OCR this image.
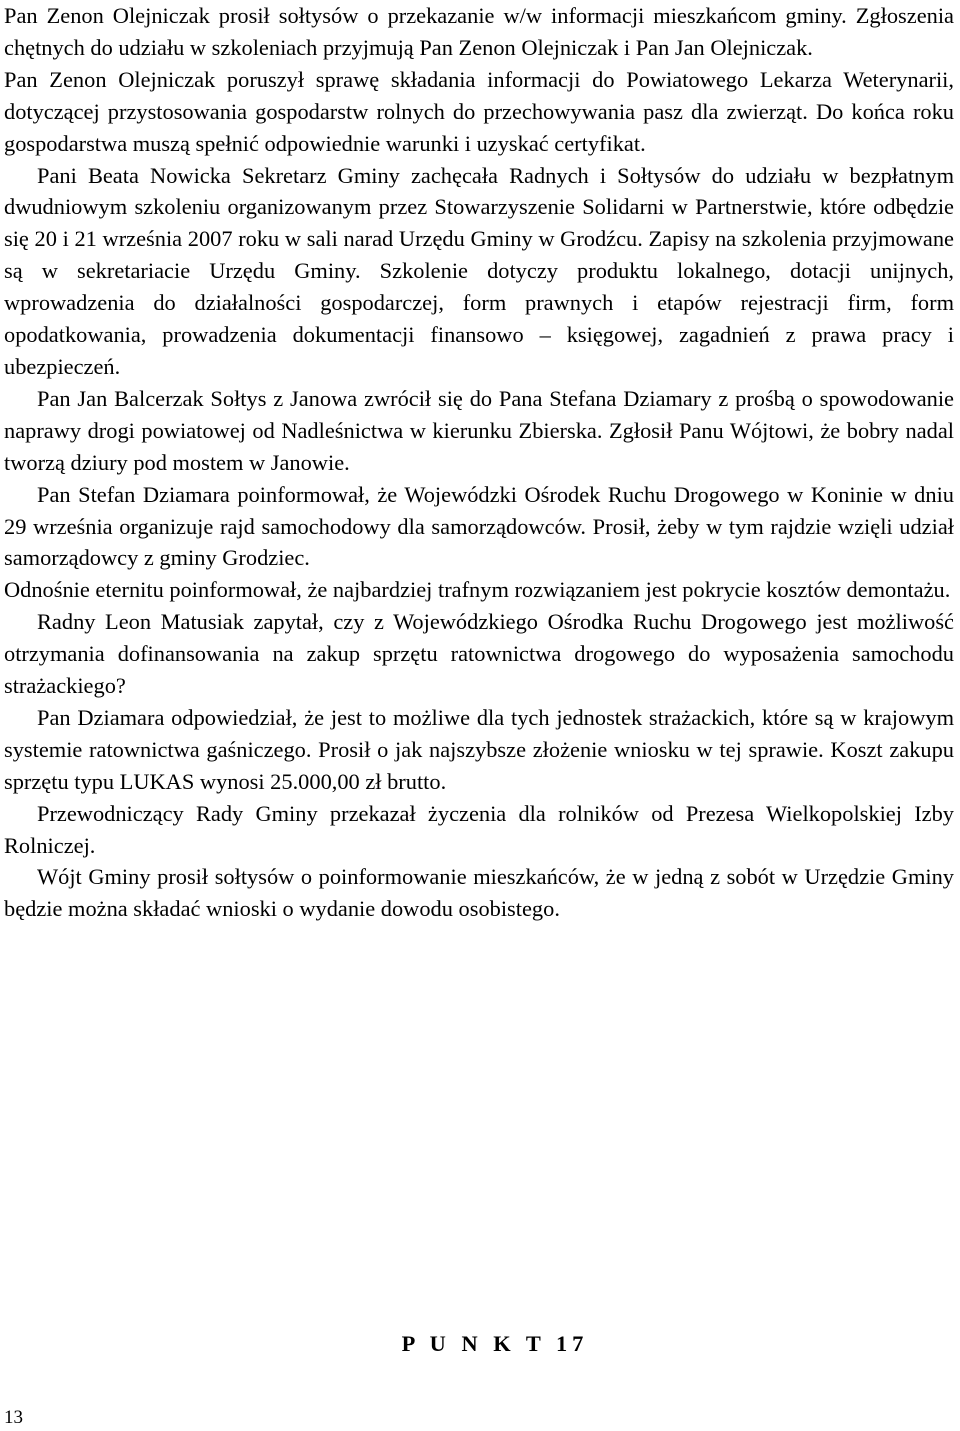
Pan Zenon Olejniczak prosił sołtysów o przekazanie w/w informacji mieszkańcom gminy. Zgłoszenia chętnych do udziału w szkoleniach przyjmują Pan Zenon Olejniczak i Pan Jan Olejniczak.

Pan Zenon Olejniczak poruszył sprawę składania informacji do Powiatowego Lekarza Weterynarii, dotyczącej przystosowania gospodarstw rolnych do przechowywania pasz dla zwierząt. Do końca roku gospodarstwa muszą spełnić odpowiednie warunki i uzyskać certyfikat.

Pani Beata Nowicka Sekretarz Gminy zachęcała Radnych i Sołtysów do udziału w bezpłatnym dwudniowym szkoleniu organizowanym przez Stowarzyszenie Solidarni w Partnerstwie, które odbędzie się 20 i 21 września 2007 roku w sali narad Urzędu Gminy w Grodźcu. Zapisy na szkolenia przyjmowane są w sekretariacie Urzędu Gminy. Szkolenie dotyczy produktu lokalnego, dotacji unijnych, wprowadzenia do działalności gospodarczej, form prawnych i etapów rejestracji firm, form opodatkowania, prowadzenia dokumentacji finansowo – księgowej, zagadnień z prawa pracy i ubezpieczeń.

Pan Jan Balcerzak Sołtys z Janowa zwrócił się do Pana Stefana Dziamary z prośbą o spowodowanie naprawy drogi powiatowej od Nadleśnictwa w kierunku Zbierska. Zgłosił Panu Wójtowi, że bobry nadal tworzą dziury pod mostem w Janowie.

Pan Stefan Dziamara poinformował, że Wojewódzki Ośrodek Ruchu Drogowego w Koninie w dniu 29 września organizuje rajd samochodowy dla samorządowców. Prosił, żeby w tym rajdzie wzięli udział samorządowcy z gminy Grodziec.

Odnośnie eternitu poinformował, że najbardziej trafnym rozwiązaniem jest pokrycie kosztów demontażu.

Radny Leon Matusiak zapytał, czy z Wojewódzkiego Ośrodka Ruchu Drogowego jest możliwość otrzymania dofinansowania na zakup sprzętu ratownictwa drogowego do wyposażenia samochodu strażackiego?

Pan Dziamara odpowiedział, że jest to możliwe dla tych jednostek strażackich, które są w krajowym systemie ratownictwa gaśniczego. Prosił o jak najszybsze złożenie wniosku w tej sprawie. Koszt zakupu sprzętu typu LUKAS wynosi 25.000,00 zł brutto.

Przewodniczący Rady Gminy przekazał życzenia dla rolników od Prezesa Wielkopolskiej Izby Rolniczej.

Wójt Gminy prosił sołtysów o poinformowanie mieszkańców, że w jedną z sobót w Urzędzie Gminy będzie można składać wnioski o wydanie dowodu osobistego.

P U N K T 17

13
